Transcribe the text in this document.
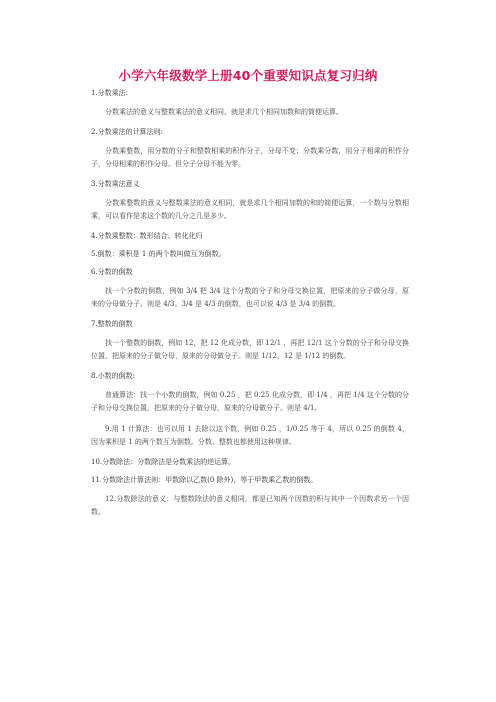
小学六年级数学上册40个重要知识点复习归纳
1.分数乘法:
分数乘法的意义与整数乘法的意义相同，就是求几个相同加数和的简便运算。
2.分数乘法的计算法则:
分数乘整数，用分数的分子和整数相乘的积作分子，分母不变；分数乘分数，用分子相乘的积作分子，分母相乘的积作分母。但分子分母不能为零。
3.分数乘法意义
分数乘整数的意义与整数乘法的意义相同，就是求几个相同加数的和的简便运算，一个数与分数相乘，可以看作是求这个数的几分之几是多少。
4.分数乘整数：数形结合、转化化归
5.倒数：乘积是 1 的两个数叫做互为倒数。
6.分数的倒数
找一个分数的倒数，例如 3/4 把 3/4 这个分数的分子和分母交换位置，把原来的分子做分母，原来的分母做分子。则是 4/3。3/4 是 4/3 的倒数，也可以说 4/3 是 3/4 的倒数。
7.整数的倒数
找一个整数的倒数，例如 12，把 12 化成分数，即 12/1 ，再把 12/1 这个分数的分子和分母交换位置，把原来的分子做分母，原来的分母做分子。则是 1/12，12 是 1/12 的倒数。
8.小数的倒数:
普通算法：找一个小数的倒数，例如 0.25 ，把 0.25 化成分数，即 1/4 ，再把 1/4 这个分数的分子和分母交换位置，把原来的分子做分母，原来的分母做分子。则是 4/1。
9.用 1 计算法：也可以用 1 去除以这个数，例如 0.25 ，1/0.25 等于 4，所以 0.25 的倒数 4，因为乘积是 1 的两个数互为倒数。分数、整数也都使用这种规律。
10.分数除法：分数除法是分数乘法的逆运算。
11.分数除法计算法则：甲数除以乙数(0 除外)，等于甲数乘乙数的倒数。
12.分数除法的意义：与整数除法的意义相同，都是已知两个因数的积与其中一个因数求另一个因数。
